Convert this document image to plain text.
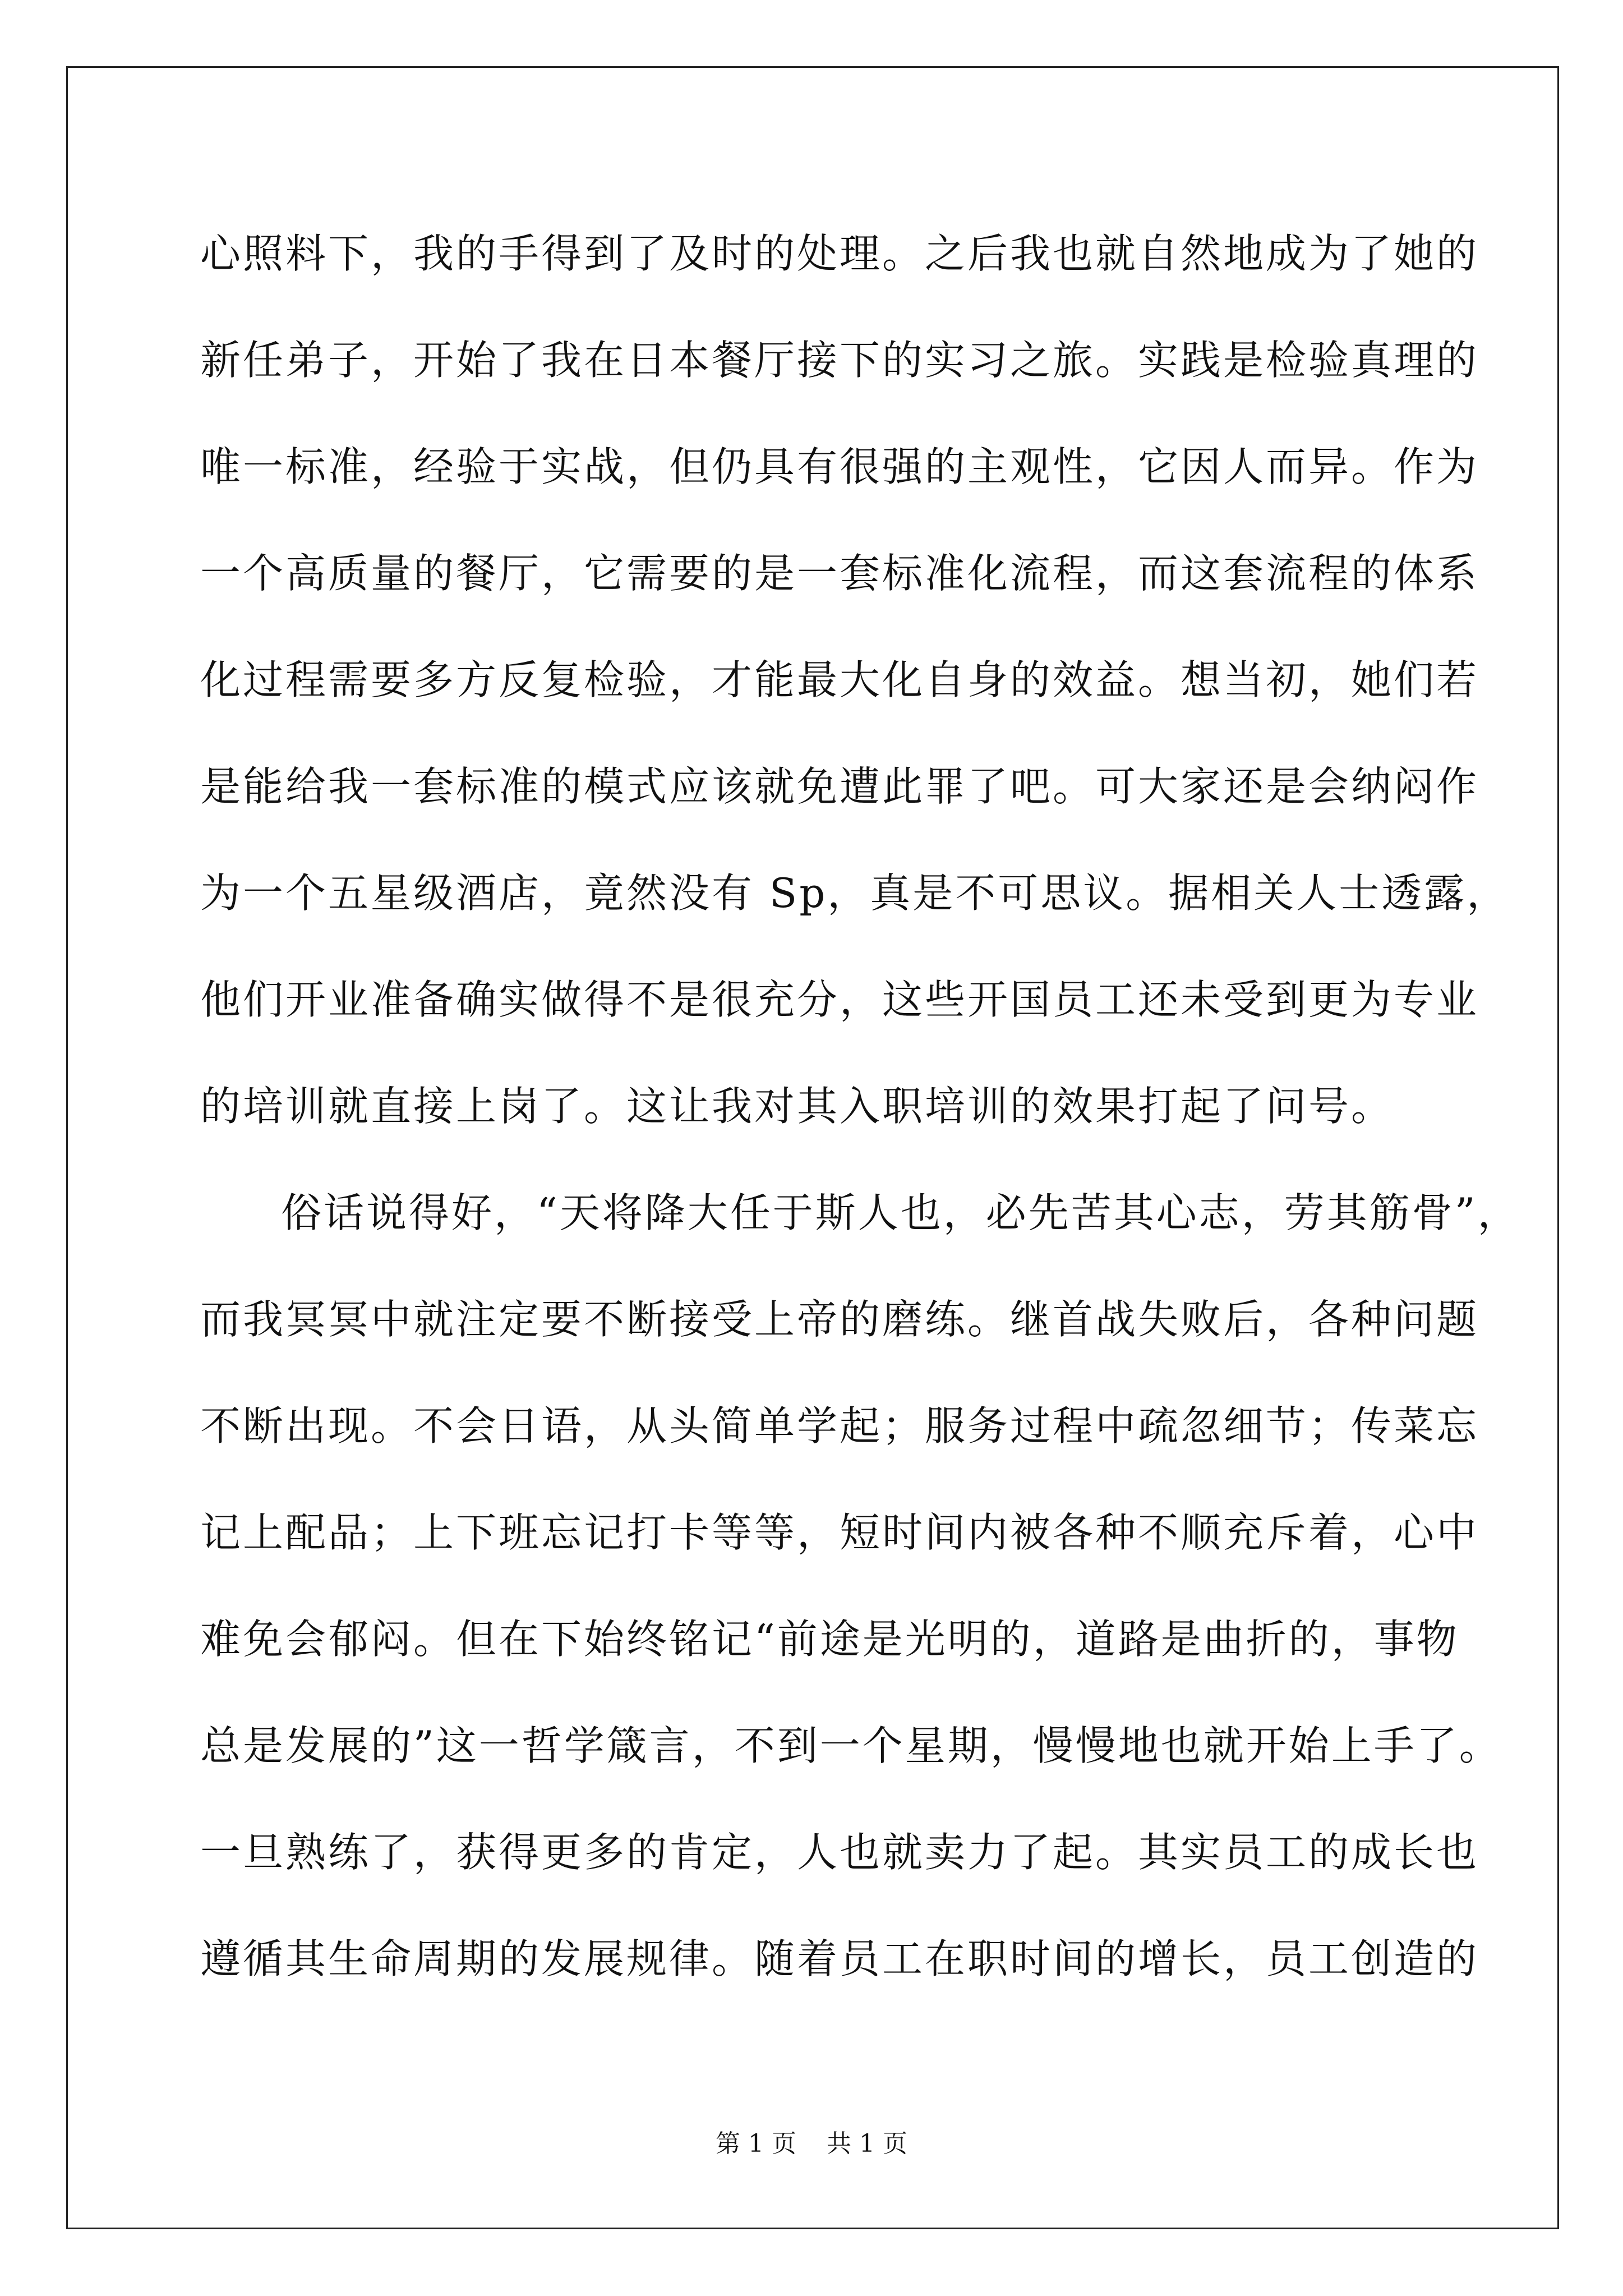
心照料下，我的手得到了及时的处理。之后我也就自然地成为了她的
新任弟子，开始了我在日本餐厅接下的实习之旅。实践是检验真理的
唯一标准，经验于实战，但仍具有很强的主观性，它因人而异。作为
一个高质量的餐厅，它需要的是一套标准化流程，而这套流程的体系
化过程需要多方反复检验，才能最大化自身的效益。想当初，她们若
是能给我一套标准的模式应该就免遭此罪了吧。可大家还是会纳闷作
为一个五星级酒店，竟然没有 Sp，真是不可思议。据相关人士透露，
他们开业准备确实做得不是很充分，这些开国员工还未受到更为专业
的培训就直接上岗了。这让我对其入职培训的效果打起了问号。
俗话说得好，“天将降大任于斯人也，必先苦其心志，劳其筋骨”，
而我冥冥中就注定要不断接受上帝的磨练。继首战失败后，各种问题
不断出现。不会日语，从头简单学起；服务过程中疏忽细节；传菜忘
记上配品；上下班忘记打卡等等，短时间内被各种不顺充斥着，心中
难免会郁闷。但在下始终铭记“前途是光明的，道路是曲折的，事物
总是发展的”这一哲学箴言，不到一个星期，慢慢地也就开始上手了。
一旦熟练了，获得更多的肯定，人也就卖力了起。其实员工的成长也
遵循其生命周期的发展规律。随着员工在职时间的增长，员工创造的
第 1 页 共 1 页
